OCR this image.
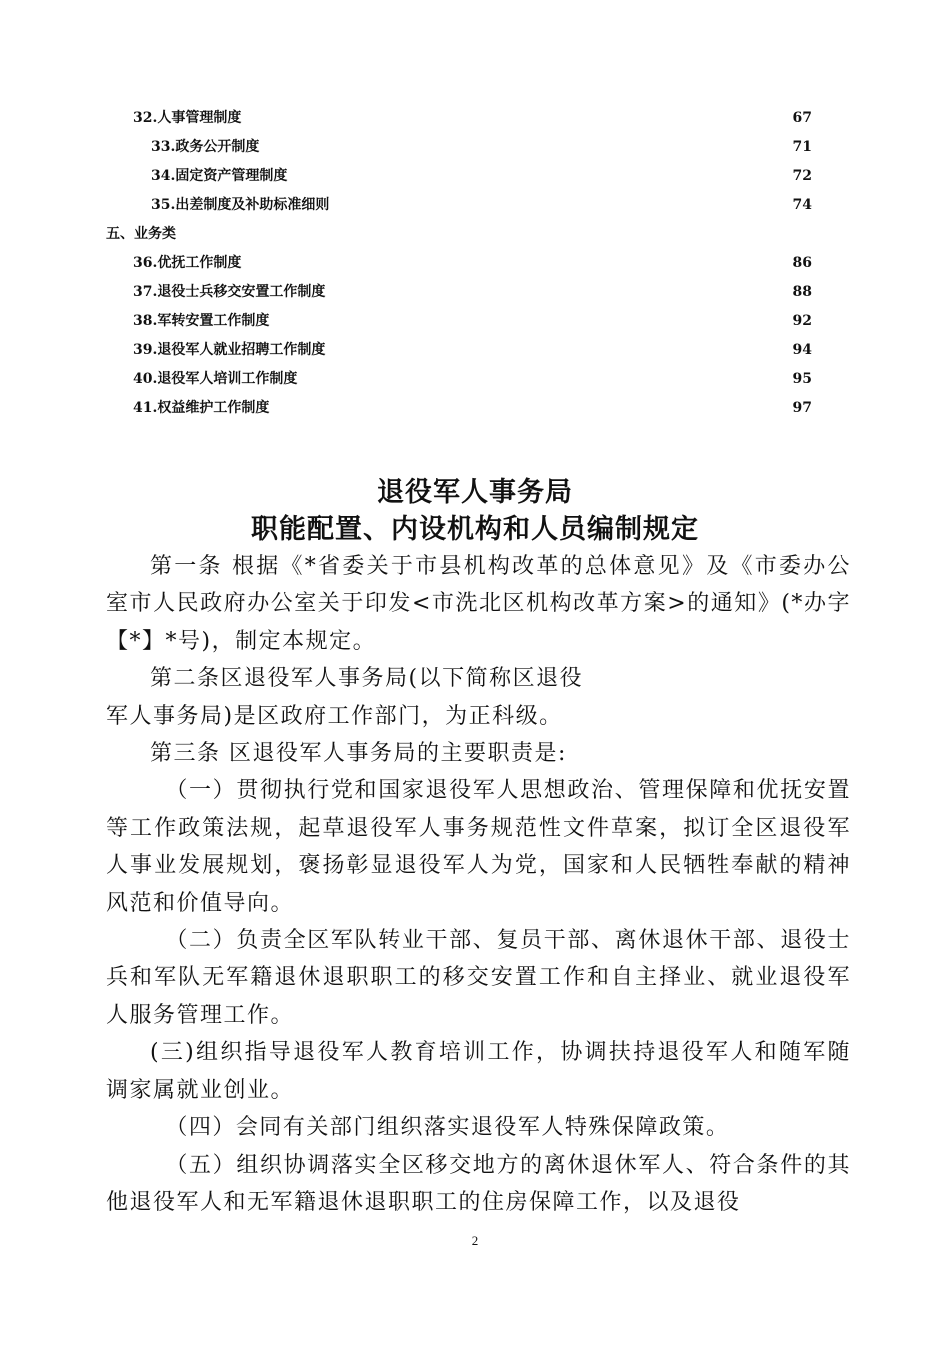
32.人事管理制度	67
33.政务公开制度	71
34.固定资产管理制度	72
35.出差制度及补助标准细则	74
五、业务类
36.优抚工作制度	86
37.退役士兵移交安置工作制度	88
38.军转安置工作制度	92
39.退役军人就业招聘工作制度	94
40.退役军人培训工作制度	95
41.权益维护工作制度	97
退役军人事务局
职能配置、内设机构和人员编制规定

第一条 根据《*省委关于市县机构改革的总体意见》及《市委办公室市人民政府办公室关于印发<市洗北区机构改革方案>的通知》(*办字【*】*号)，制定本规定。

第二条区退役军人事务局(以下简称区退役

军人事务局)是区政府工作部门，为正科级。

第三条 区退役军人事务局的主要职责是:

（一）贯彻执行党和国家退役军人思想政治、管理保障和优抚安置等工作政策法规，起草退役军人事务规范性文件草案，拟订全区退役军人事业发展规划，褒扬彰显退役军人为党，国家和人民牺牲奉献的精神风范和价值导向。

（二）负责全区军队转业干部、复员干部、离休退休干部、退役士兵和军队无军籍退休退职职工的移交安置工作和自主择业、就业退役军人服务管理工作。

(三)组织指导退役军人教育培训工作，协调扶持退役军人和随军随调家属就业创业。

（四）会同有关部门组织落实退役军人特殊保障政策。

（五）组织协调落实全区移交地方的离休退休军人、符合条件的其他退役军人和无军籍退休退职职工的住房保障工作，以及退役

2
